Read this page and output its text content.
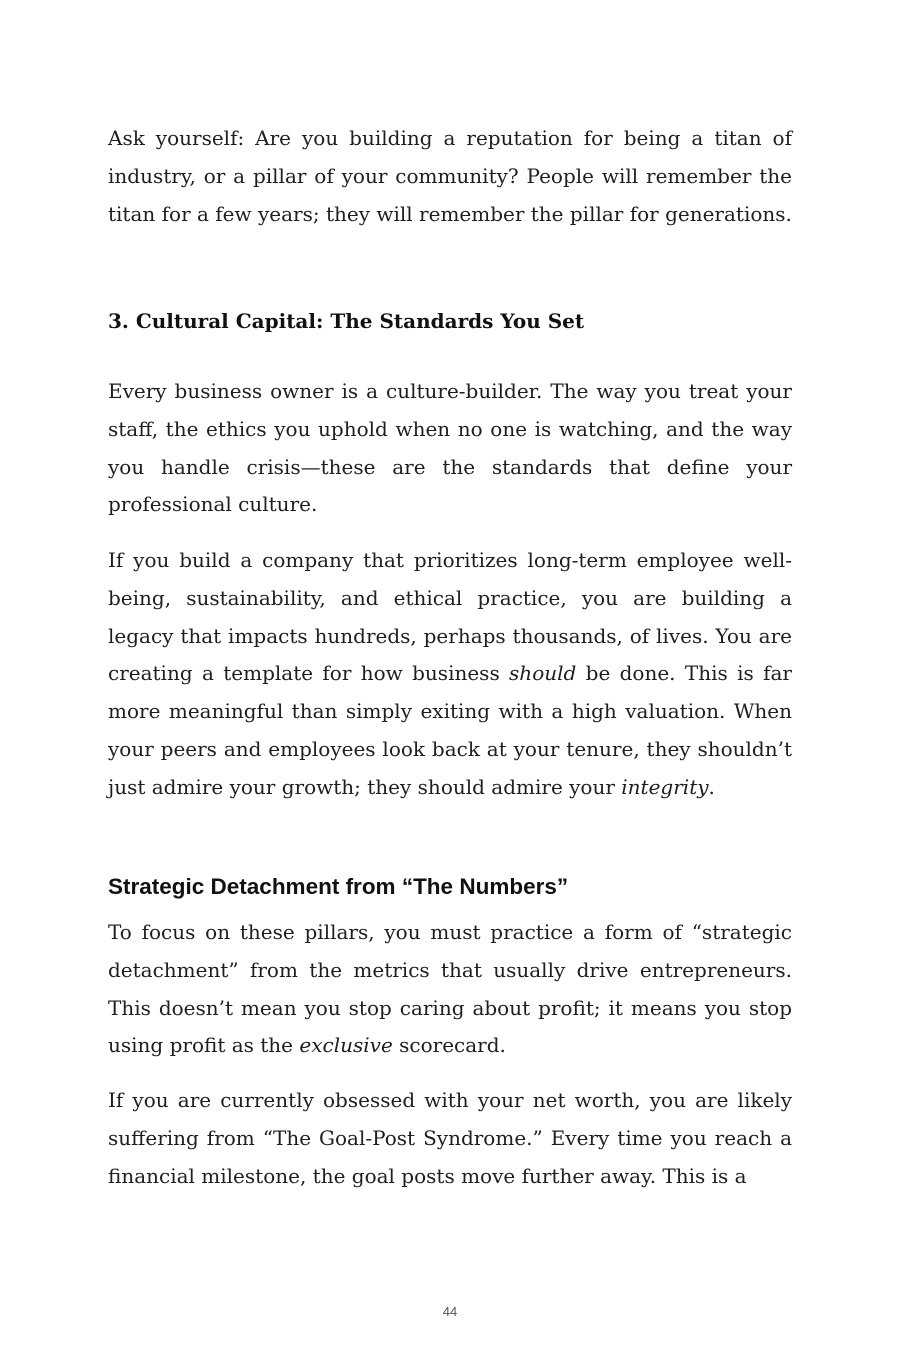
Ask yourself: Are you building a reputation for being a titan of industry, or a pillar of your community? People will remember the titan for a few years; they will remember the pillar for generations.

3. Cultural Capital: The Standards You Set

Every business owner is a culture-builder. The way you treat your staff, the ethics you uphold when no one is watching, and the way you handle crisis—these are the standards that define your professional culture.

If you build a company that prioritizes long-term employee well-being, sustainability, and ethical practice, you are building a legacy that impacts hundreds, perhaps thousands, of lives. You are creating a template for how business should be done. This is far more meaningful than simply exiting with a high valuation. When your peers and employees look back at your tenure, they shouldn’t just admire your growth; they should admire your integrity.

Strategic Detachment from “The Numbers”

To focus on these pillars, you must practice a form of “strategic detachment” from the metrics that usually drive entrepreneurs. This doesn’t mean you stop caring about profit; it means you stop using profit as the exclusive scorecard.

If you are currently obsessed with your net worth, you are likely suffering from “The Goal-Post Syndrome.” Every time you reach a financial milestone, the goal posts move further away. This is a

44
